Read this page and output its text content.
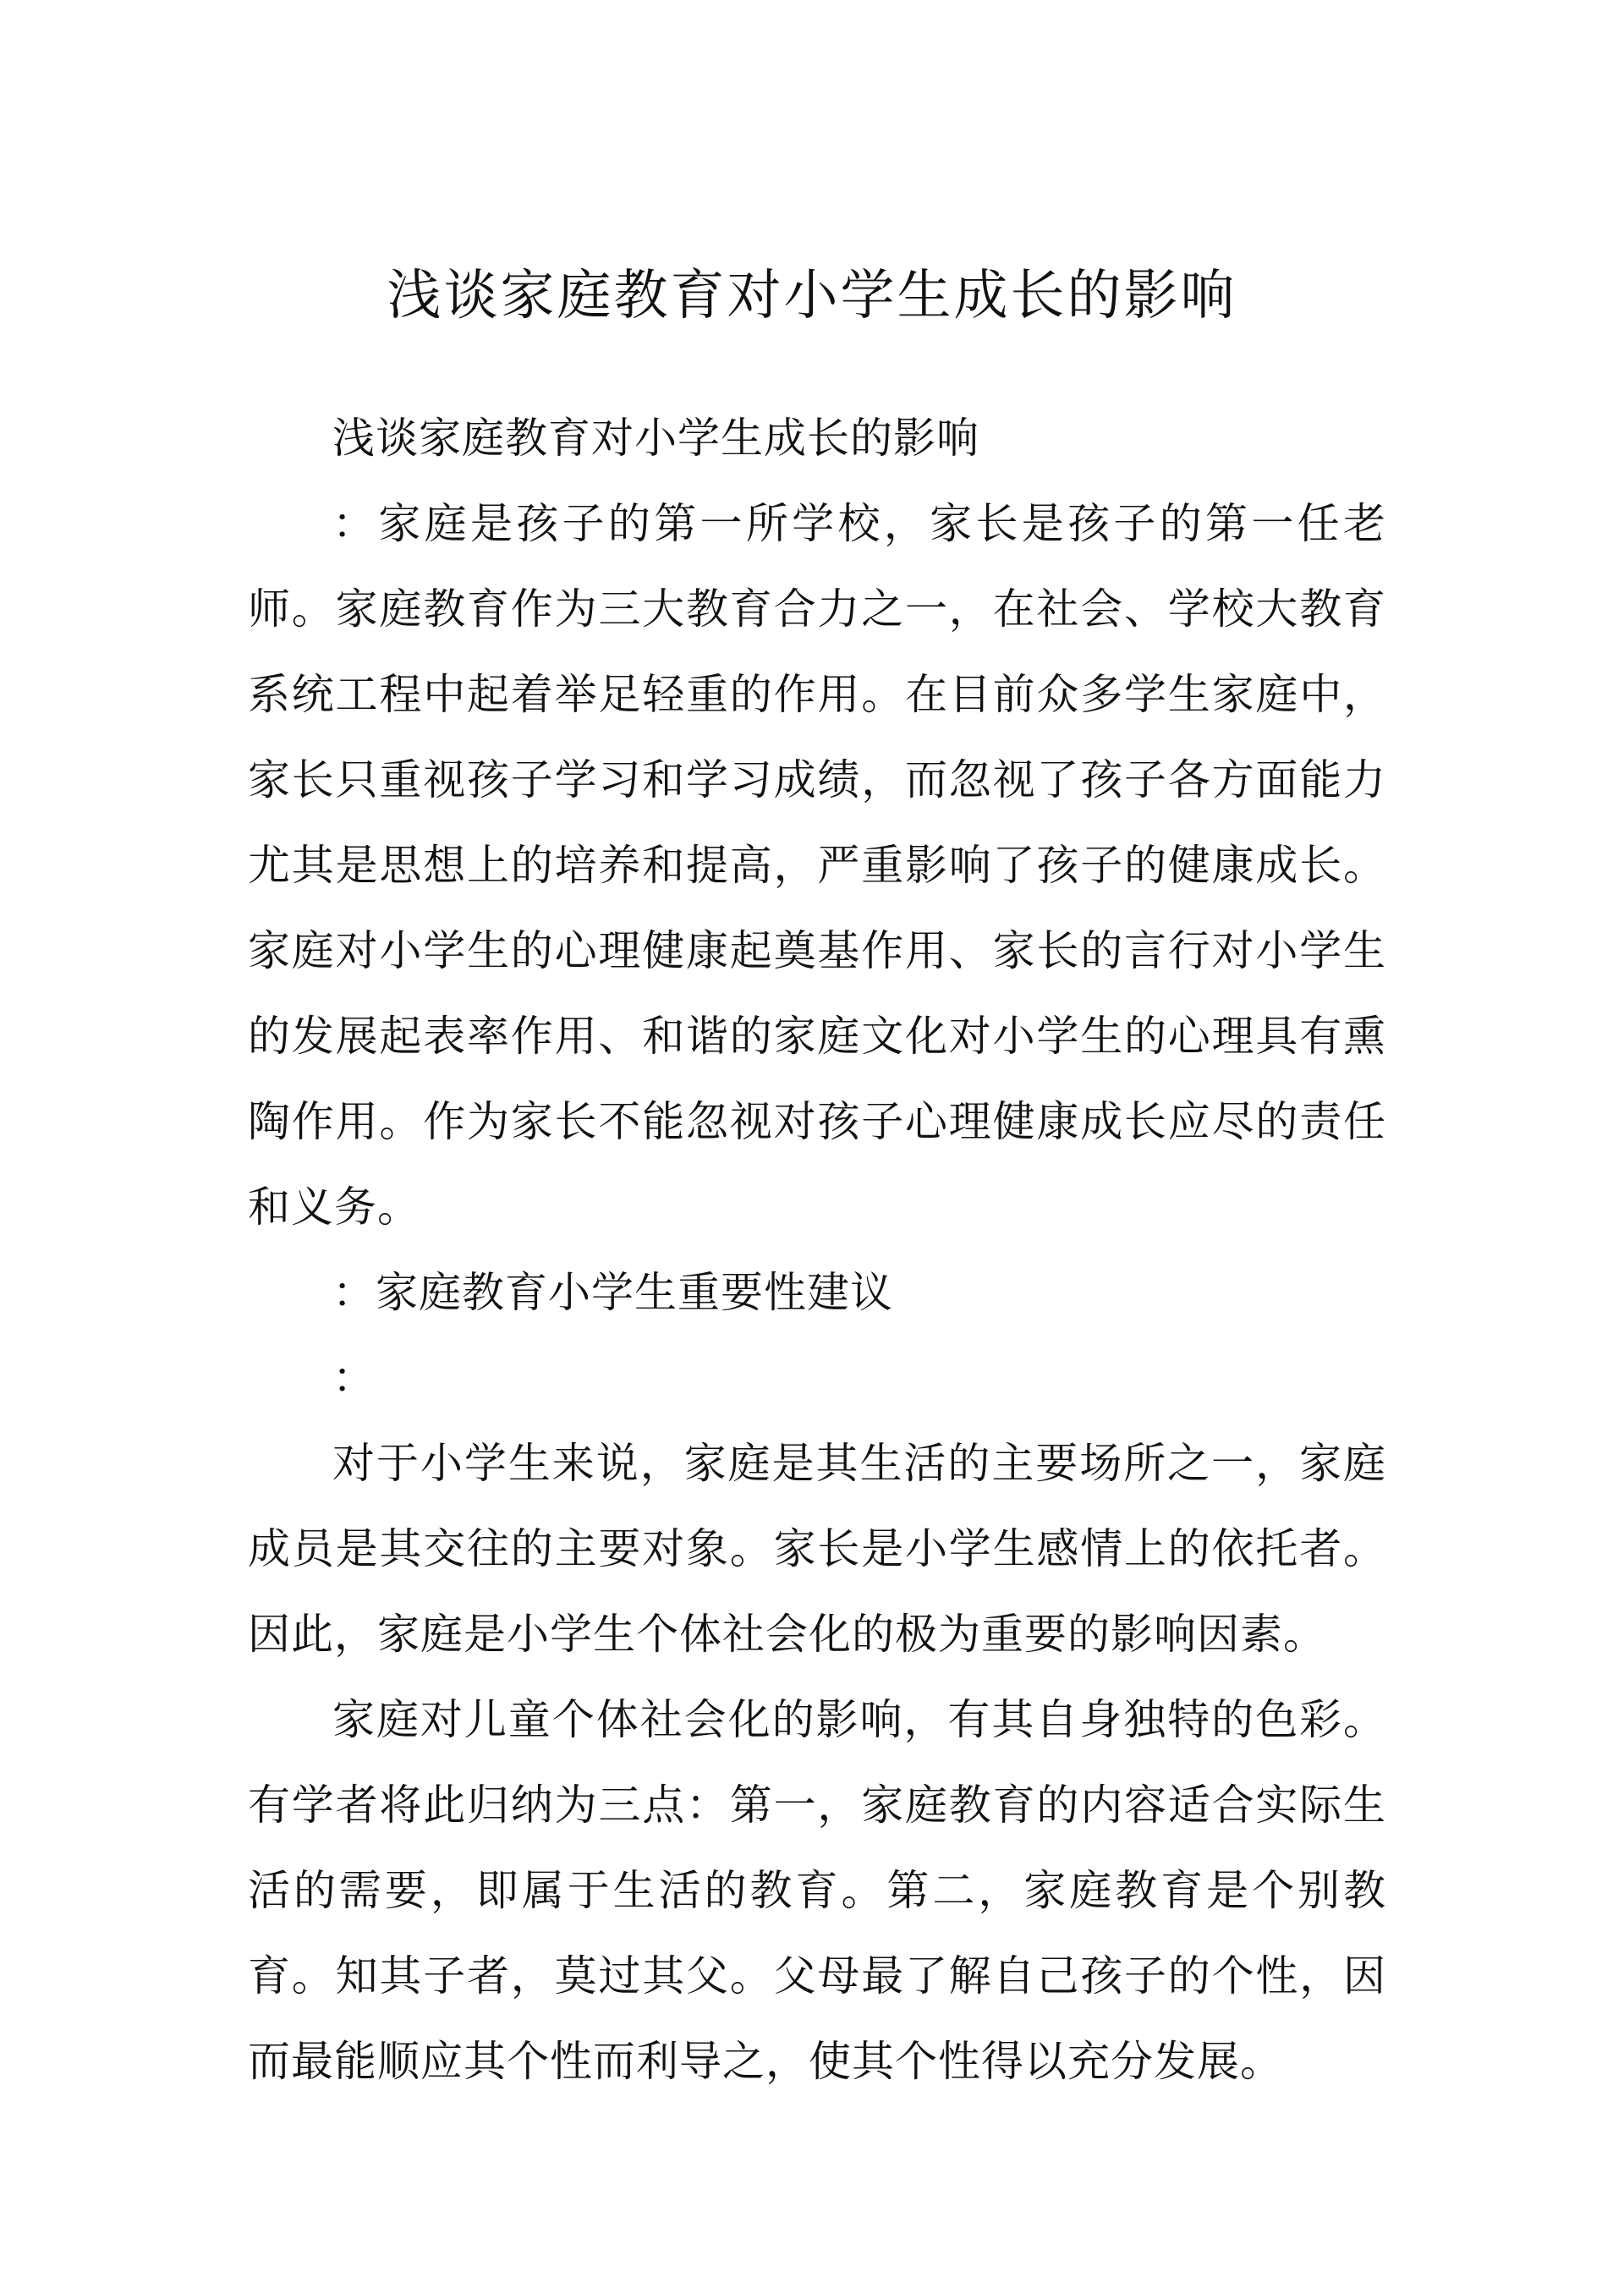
浅谈家庭教育对小学生成长的影响

浅谈家庭教育对小学生成长的影响

：家庭是孩子的第一所学校，家长是孩子的第一任老师。家庭教育作为三大教育合力之一，在社会、学校大教育系统工程中起着举足轻重的作用。在目前众多学生家庭中，家长只重视孩子学习和学习成绩，而忽视了孩子各方面能力尤其是思想上的培养和提高，严重影响了孩子的健康成长。家庭对小学生的心理健康起奠基作用、家长的言行对小学生的发展起表率作用、和谐的家庭文化对小学生的心理具有熏陶作用。作为家长不能忽视对孩子心理健康成长应尽的责任和义务。

：家庭教育小学生重要性建议

：

对于小学生来说，家庭是其生活的主要场所之一，家庭成员是其交往的主要对象。家长是小学生感情上的依托者。因此，家庭是小学生个体社会化的极为重要的影响因素。

家庭对儿童个体社会化的影响，有其自身独特的色彩。有学者将此归纳为三点：第一，家庭教育的内容适合实际生活的需要，即属于生活的教育。第二，家庭教育是个别教育。知其子者，莫过其父。父母最了解自己孩子的个性，因而最能顺应其个性而利导之，使其个性得以充分发展。
